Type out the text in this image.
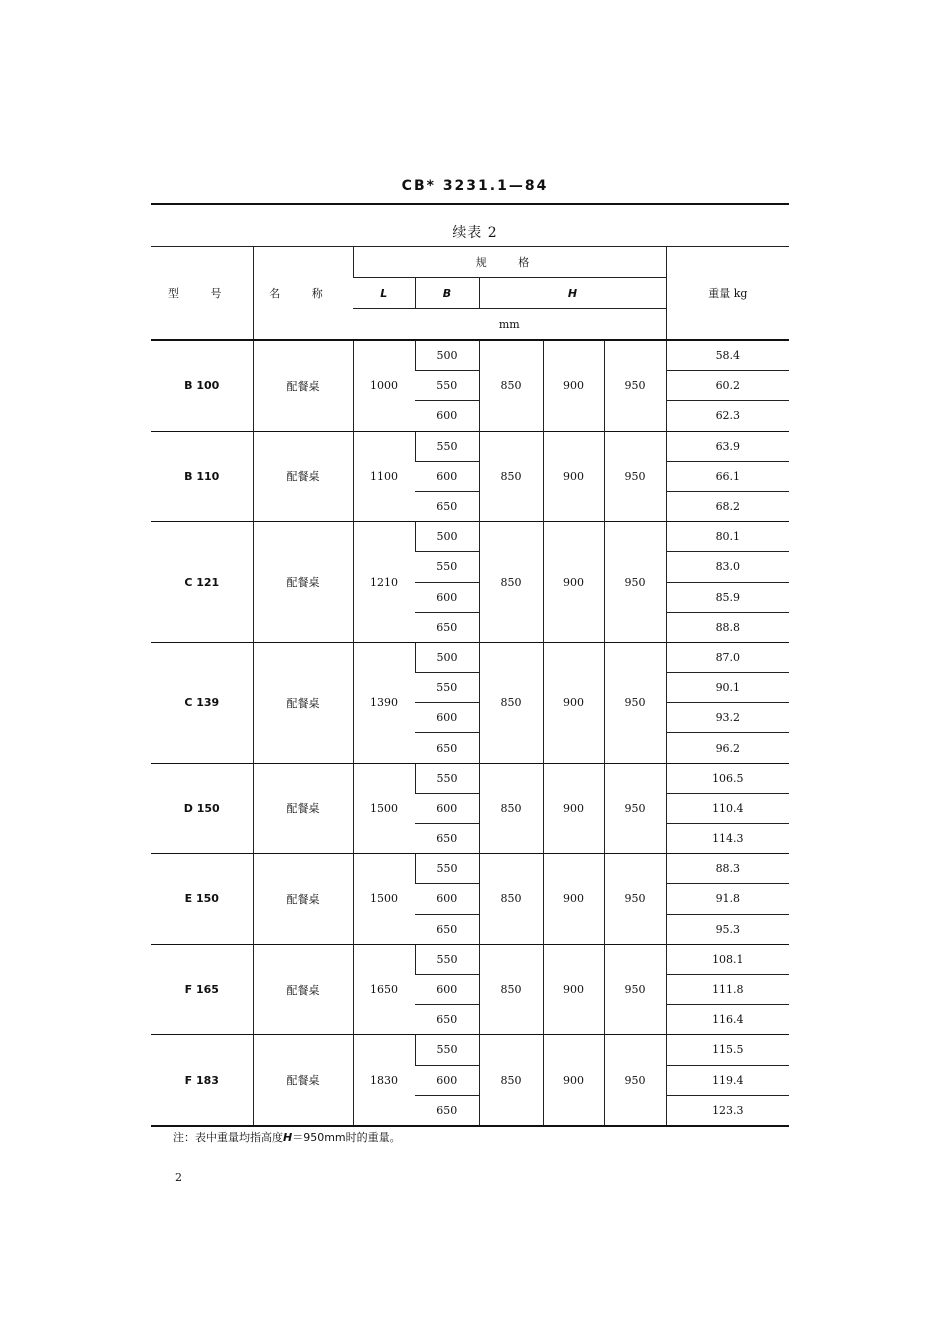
CB* 3231.1—84
续表 2
型 号	名 称	规 格					重量 kg
		L	B	H			
		mm					
B 100	配餐桌	1000	500	850	900	950	58.4
			550				60.2
			600				62.3
B 110	配餐桌	1100	550	850	900	950	63.9
			600				66.1
			650				68.2
C 121	配餐桌	1210	500	850	900	950	80.1
			550				83.0
			600				85.9
			650				88.8
C 139	配餐桌	1390	500	850	900	950	87.0
			550				90.1
			600				93.2
			650				96.2
D 150	配餐桌	1500	550	850	900	950	106.5
			600				110.4
			650				114.3
E 150	配餐桌	1500	550	850	900	950	88.3
			600				91.8
			650				95.3
F 165	配餐桌	1650	550	850	900	950	108.1
			600				111.8
			650				116.4
F 183	配餐桌	1830	550	850	900	950	115.5
			600				119.4
			650				123.3
注：表中重量均指高度H＝950mm时的重量。
2
